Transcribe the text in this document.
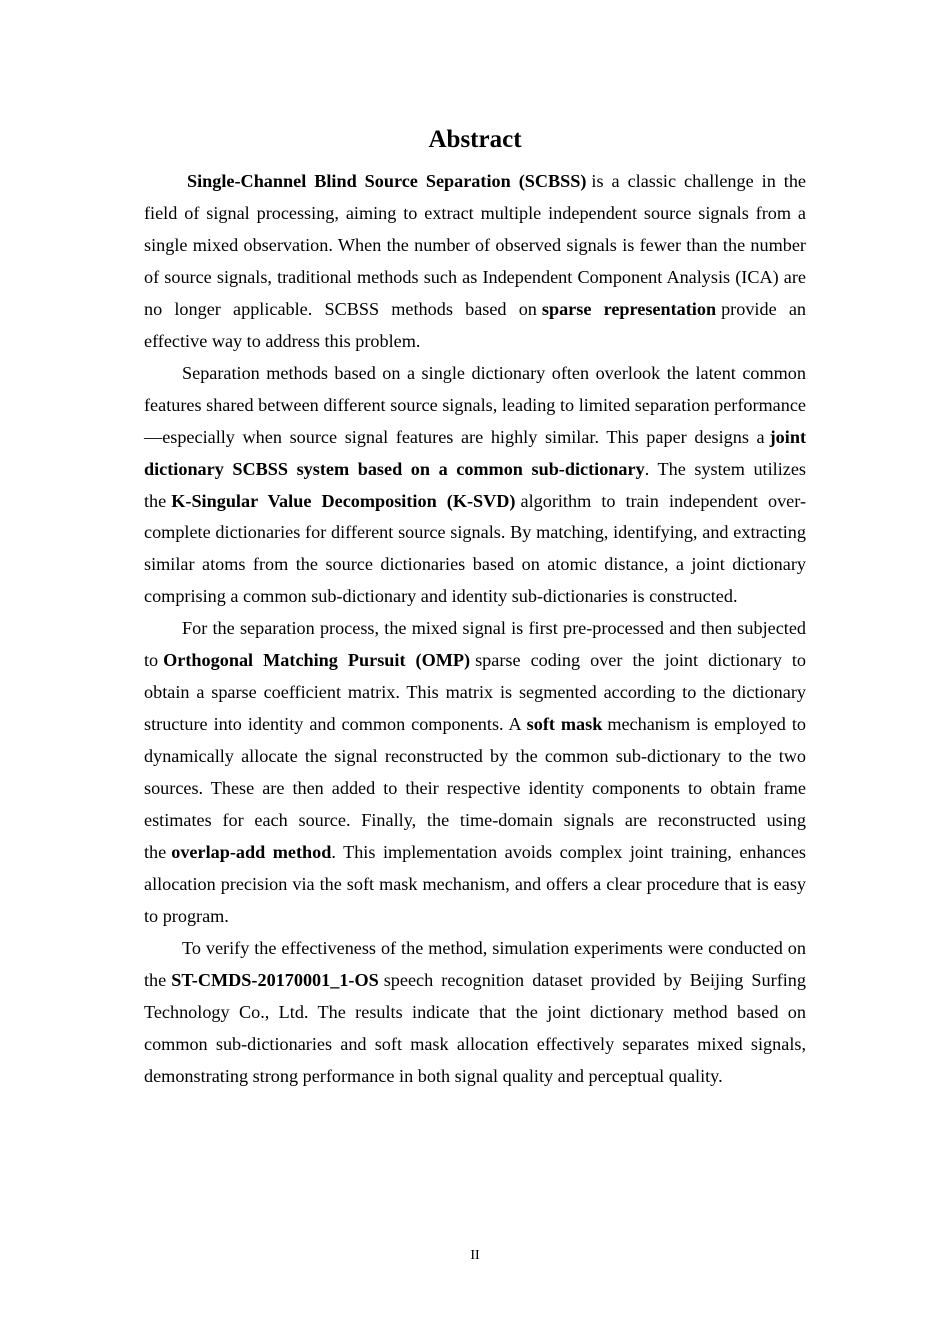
Abstract

Single-Channel Blind Source Separation (SCBSS) is a classic challenge in the field of signal processing, aiming to extract multiple independent source signals from a single mixed observation. When the number of observed signals is fewer than the number of source signals, traditional methods such as Independent Component Analysis (ICA) are no longer applicable. SCBSS methods based on sparse representation provide an effective way to address this problem.

Separation methods based on a single dictionary often overlook the latent common features shared between different source signals, leading to limited separation performance—especially when source signal features are highly similar. This paper designs a joint dictionary SCBSS system based on a common sub-dictionary. The system utilizes the K-Singular Value Decomposition (K-SVD) algorithm to train independent over-complete dictionaries for different source signals. By matching, identifying, and extracting similar atoms from the source dictionaries based on atomic distance, a joint dictionary comprising a common sub-dictionary and identity sub-dictionaries is constructed.

For the separation process, the mixed signal is first pre-processed and then subjected to Orthogonal Matching Pursuit (OMP) sparse coding over the joint dictionary to obtain a sparse coefficient matrix. This matrix is segmented according to the dictionary structure into identity and common components. A soft mask mechanism is employed to dynamically allocate the signal reconstructed by the common sub-dictionary to the two sources. These are then added to their respective identity components to obtain frame estimates for each source. Finally, the time-domain signals are reconstructed using the overlap-add method. This implementation avoids complex joint training, enhances allocation precision via the soft mask mechanism, and offers a clear procedure that is easy to program.

To verify the effectiveness of the method, simulation experiments were conducted on the ST-CMDS-20170001_1-OS speech recognition dataset provided by Beijing Surfing Technology Co., Ltd. The results indicate that the joint dictionary method based on common sub-dictionaries and soft mask allocation effectively separates mixed signals, demonstrating strong performance in both signal quality and perceptual quality.

II
